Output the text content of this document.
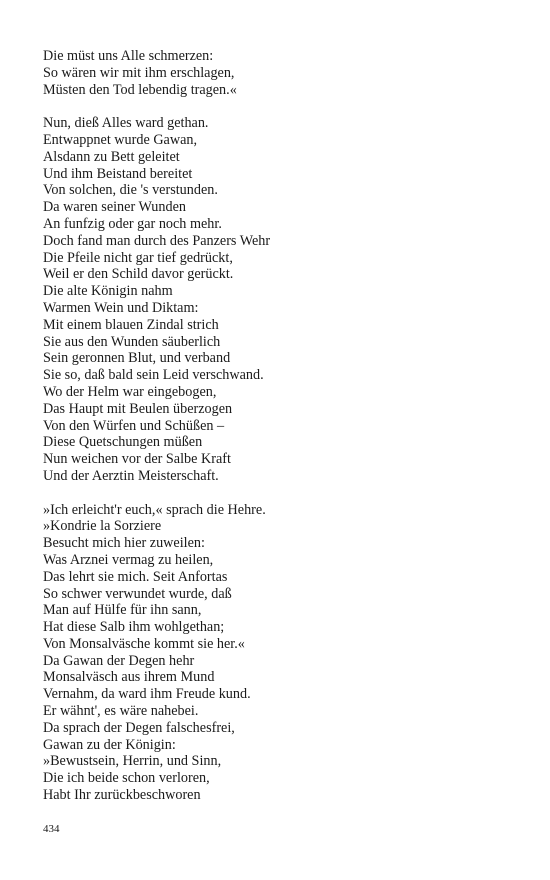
Die müst uns Alle schmerzen:
So wären wir mit ihm erschlagen,
Müsten den Tod lebendig tragen.«
Nun, dieß Alles ward gethan.
Entwappnet wurde Gawan,
Alsdann zu Bett geleitet
Und ihm Beistand bereitet
Von solchen, die 's verstunden.
Da waren seiner Wunden
An funfzig oder gar noch mehr.
Doch fand man durch des Panzers Wehr
Die Pfeile nicht gar tief gedrückt,
Weil er den Schild davor gerückt.
Die alte Königin nahm
Warmen Wein und Diktam:
Mit einem blauen Zindal strich
Sie aus den Wunden säuberlich
Sein geronnen Blut, und verband
Sie so, daß bald sein Leid verschwand.
Wo der Helm war eingebogen,
Das Haupt mit Beulen überzogen
Von den Würfen und Schüßen –
Diese Quetschungen müßen
Nun weichen vor der Salbe Kraft
Und der Aerztin Meisterschaft.
»Ich erleicht'r euch,« sprach die Hehre.
»Kondrie la Sorziere
Besucht mich hier zuweilen:
Was Arznei vermag zu heilen,
Das lehrt sie mich. Seit Anfortas
So schwer verwundet wurde, daß
Man auf Hülfe für ihn sann,
Hat diese Salb ihm wohlgethan;
Von Monsalväsche kommt sie her.«
Da Gawan der Degen hehr
Monsalväsch aus ihrem Mund
Vernahm, da ward ihm Freude kund.
Er wähnt', es wäre nahebei.
Da sprach der Degen falschesfrei,
Gawan zu der Königin:
»Bewustsein, Herrin, und Sinn,
Die ich beide schon verloren,
Habt Ihr zurückbeschworen
434
